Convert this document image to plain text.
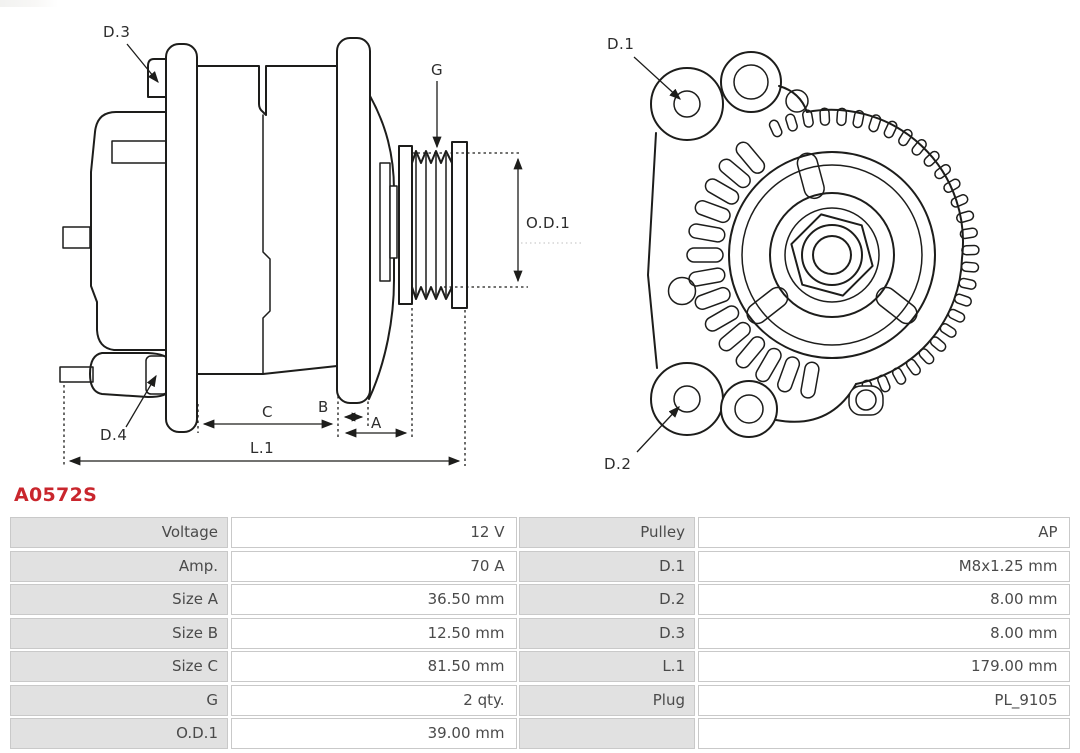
D.3
G
O.D.1
D.4
C	B
A
L.1
D.1
D.2
A0572S
Voltage	12 V	Pulley	AP
Amp.	70 A	D.1	M8x1.25 mm
Size A	36.50 mm	D.2	8.00 mm
Size B	12.50 mm	D.3	8.00 mm
Size C	81.50 mm	L.1	179.00 mm
G	2 qty.	Plug	PL_9105
O.D.1	39.00 mm
